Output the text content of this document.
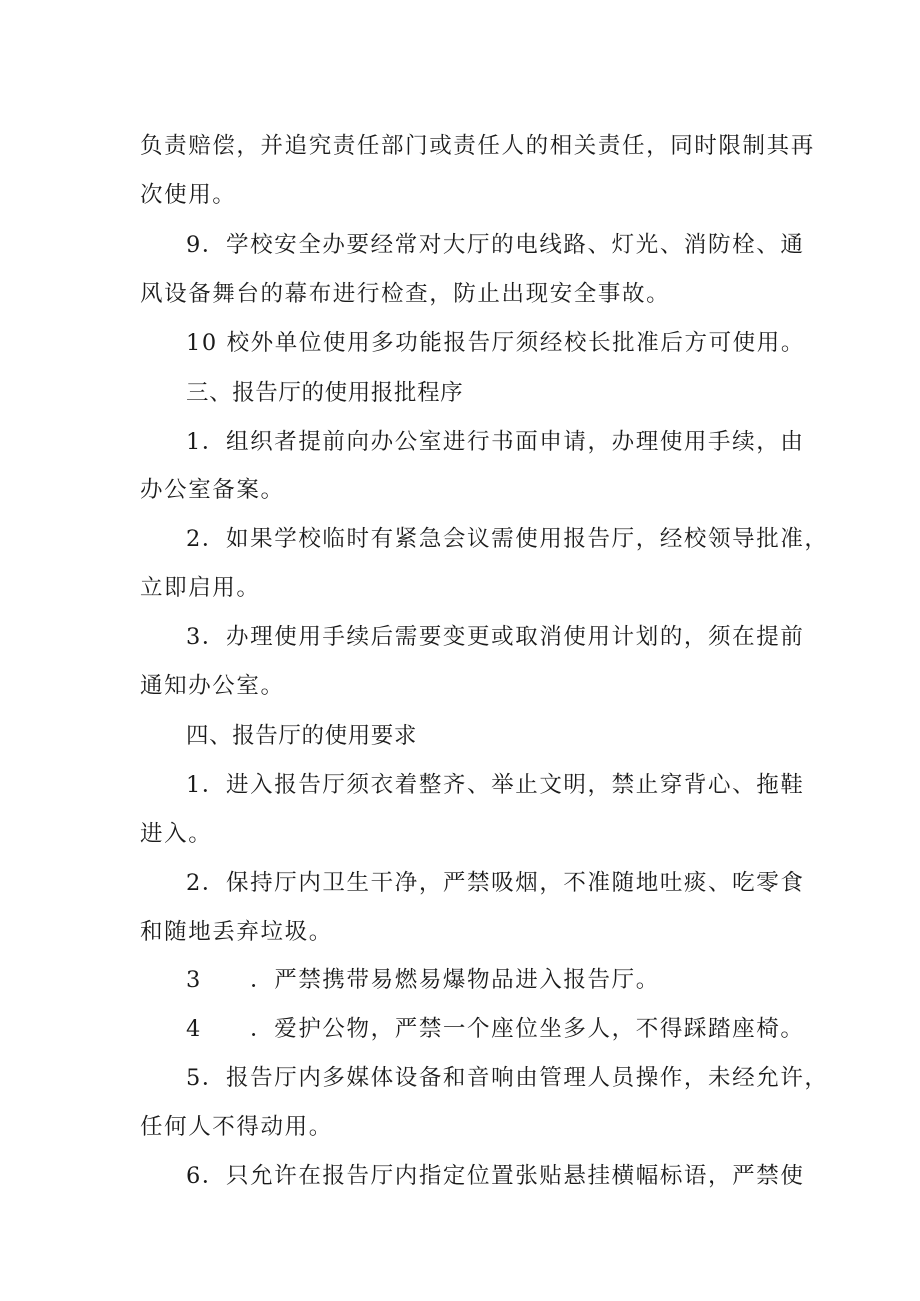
负责赔偿，并追究责任部门或责任人的相关责任，同时限制其再
次使用。
9．学校安全办要经常对大厅的电线路、灯光、消防栓、通
风设备舞台的幕布进行检查，防止出现安全事故。
10 校外单位使用多功能报告厅须经校长批准后方可使用。
三、报告厅的使用报批程序
1．组织者提前向办公室进行书面申请，办理使用手续，由
办公室备案。
2．如果学校临时有紧急会议需使用报告厅，经校领导批准，
立即启用。
3．办理使用手续后需要变更或取消使用计划的，须在提前
通知办公室。
四、报告厅的使用要求
1．进入报告厅须衣着整齐、举止文明，禁止穿背心、拖鞋
进入。
2．保持厅内卫生干净，严禁吸烟，不准随地吐痰、吃零食
和随地丢弃垃圾。
3　　．严禁携带易燃易爆物品进入报告厅。
4　　．爱护公物，严禁一个座位坐多人，不得踩踏座椅。
5．报告厅内多媒体设备和音响由管理人员操作，未经允许，
任何人不得动用。
6．只允许在报告厅内指定位置张贴悬挂横幅标语，严禁使
